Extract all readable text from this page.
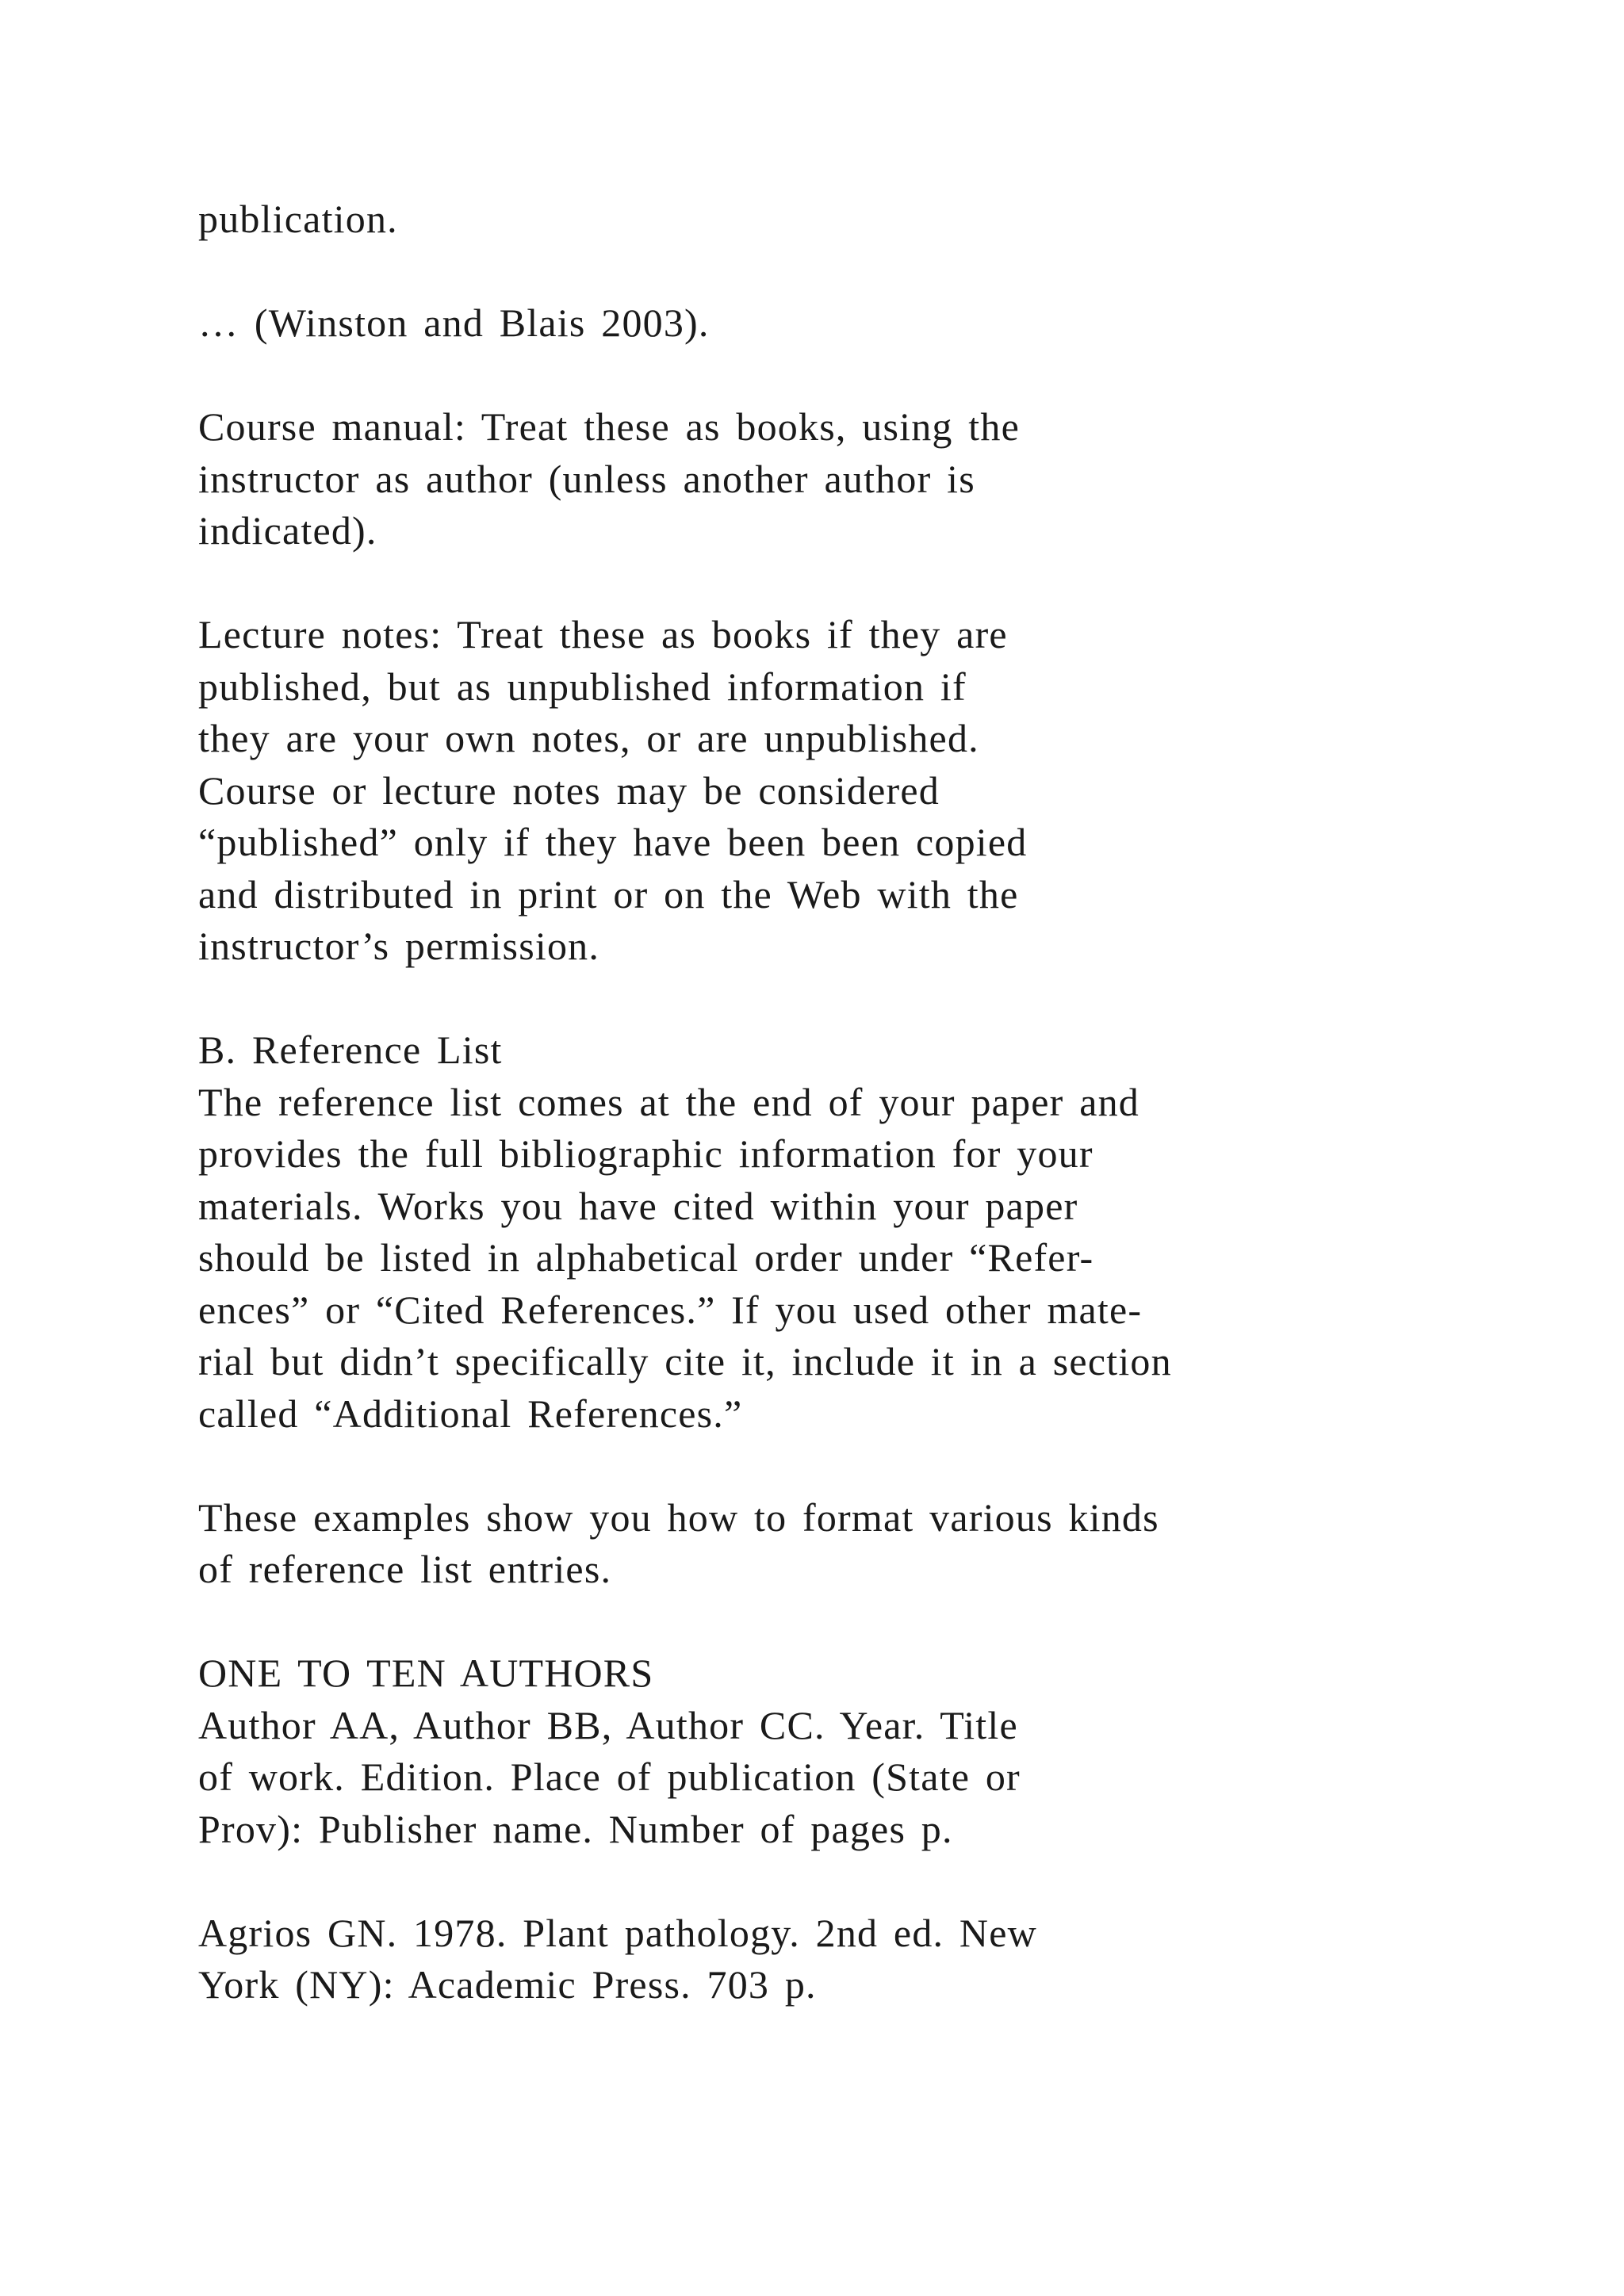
publication.

… (Winston and Blais 2003).

Course manual: Treat these as books, using the
instructor as author (unless another author is
indicated).

Lecture notes: Treat these as books if they are
published, but as unpublished information if
they are your own notes, or are unpublished.
Course or lecture notes may be considered
“published” only if they have been been copied
and distributed in print or on the Web with the
instructor’s permission.

B. Reference List

The reference list comes at the end of your paper and
provides the full bibliographic information for your
materials. Works you have cited within your paper
should be listed in alphabetical order under “Refer-
ences” or “Cited References.” If you used other mate-
rial but didn’t specifically cite it, include it in a section
called “Additional References.”

These examples show you how to format various kinds
of reference list entries.

ONE TO TEN AUTHORS

Author AA, Author BB, Author CC. Year. Title
of work. Edition. Place of publication (State or
Prov): Publisher name. Number of pages p.

Agrios GN. 1978. Plant pathology. 2nd ed. New
York (NY): Academic Press. 703 p.
